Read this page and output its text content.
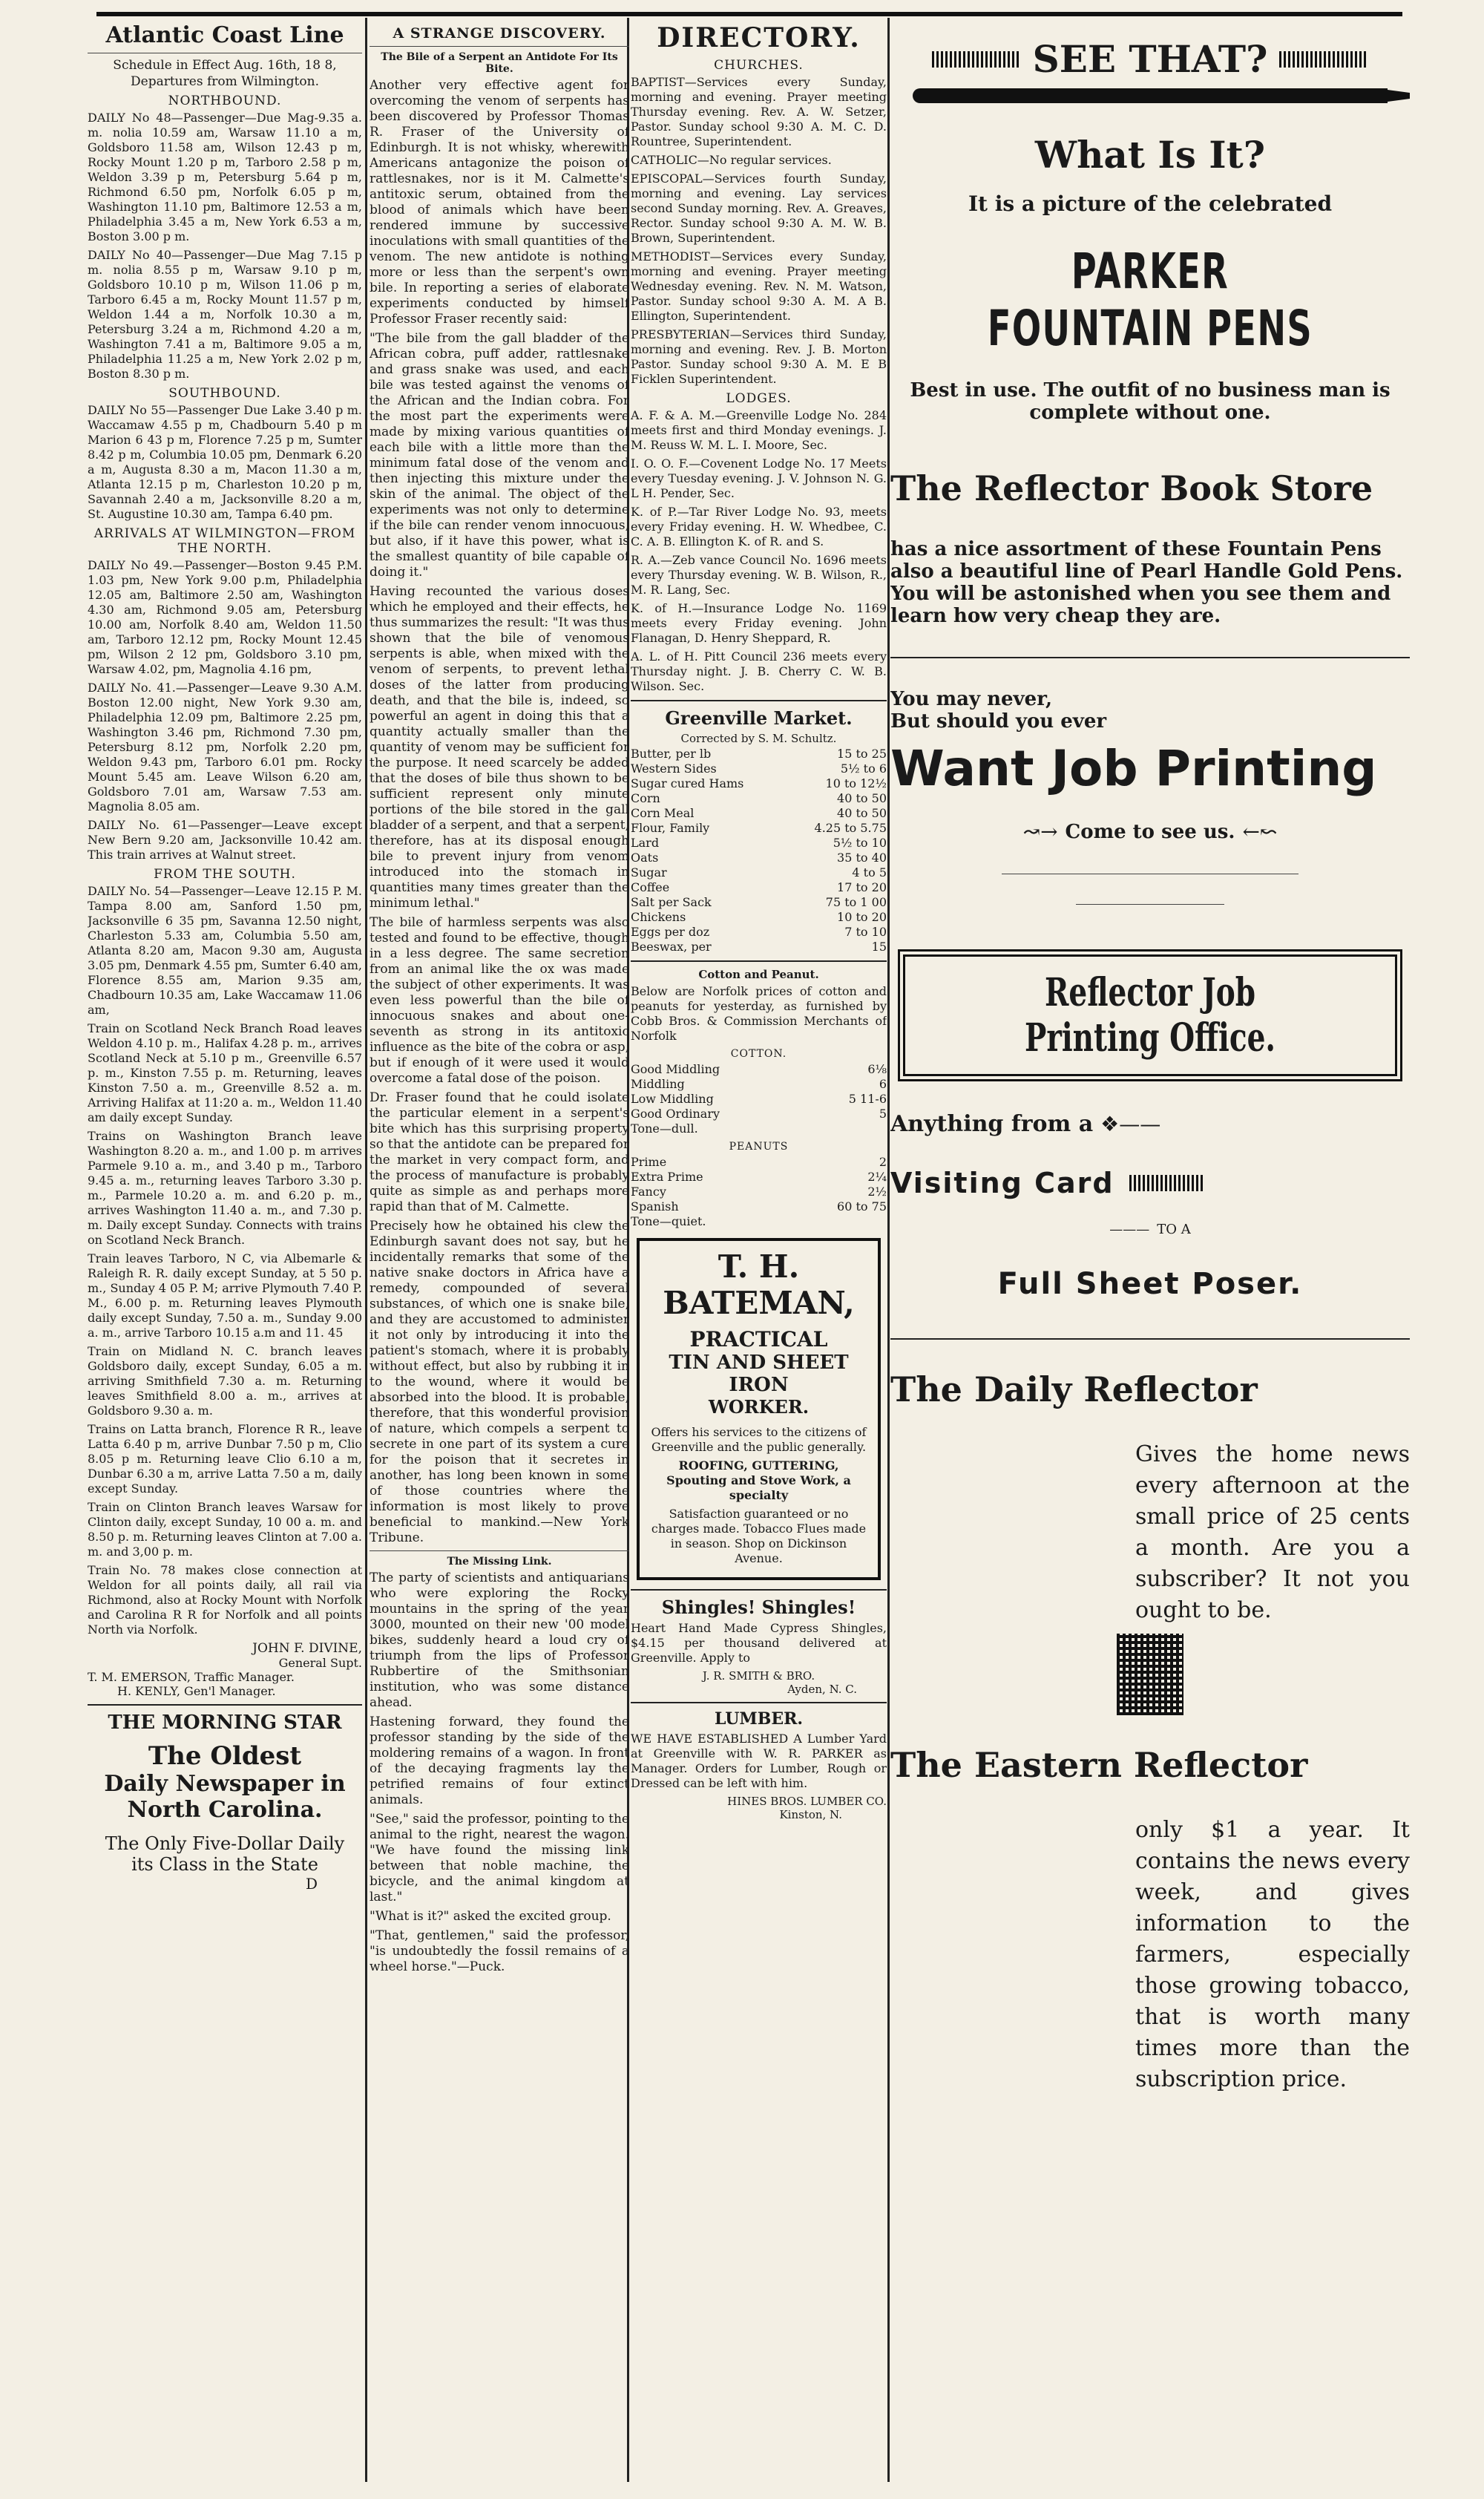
Atlantic Coast Line
Schedule in Effect Aug. 16th, 18 8,
Departures from Wilmington.
NORTHBOUND.

DAILY No 48—Passenger—Due Mag-9.35 a. m. nolia 10.59 am, Warsaw 11.10 a m, Goldsboro 11.58 am, Wilson 12.43 p m, Rocky Mount 1.20 p m, Tarboro 2.58 p m, Weldon 3.39 p m, Petersburg 5.64 p m, Richmond 6.50 pm, Norfolk 6.05 p m, Washington 11.10 pm, Baltimore 12.53 a m, Philadelphia 3.45 a m, New York 6.53 a m, Boston 3.00 p m.

DAILY No 40—Passenger—Due Mag 7.15 p m. nolia 8.55 p m, Warsaw 9.10 p m, Goldsboro 10.10 p m, Wilson 11.06 p m, Tarboro 6.45 a m, Rocky Mount 11.57 p m, Weldon 1.44 a m, Norfolk 10.30 a m, Petersburg 3.24 a m, Richmond 4.20 a m, Washington 7.41 a m, Baltimore 9.05 a m, Philadelphia 11.25 a m, New York 2.02 p m, Boston 8.30 p m.

SOUTHBOUND.

DAILY No 55—Passenger Due Lake 3.40 p m. Waccamaw 4.55 p m, Chadbourn 5.40 p m Marion 6 43 p m, Florence 7.25 p m, Sumter 8.42 p m, Columbia 10.05 pm, Denmark 6.20 a m, Augusta 8.30 a m, Macon 11.30 a m, Atlanta 12.15 p m, Charleston 10.20 p m, Savannah 2.40 a m, Jacksonville 8.20 a m, St. Augustine 10.30 am, Tampa 6.40 pm.

ARRIVALS AT WILMINGTON—FROM THE NORTH.

DAILY No 49.—Passenger—Boston 9.45 P.M. 1.03 pm, New York 9.00 p.m, Philadelphia 12.05 am, Baltimore 2.50 am, Washington 4.30 am, Richmond 9.05 am, Petersburg 10.00 am, Norfolk 8.40 am, Weldon 11.50 am, Tarboro 12.12 pm, Rocky Mount 12.45 pm, Wilson 2 12 pm, Goldsboro 3.10 pm, Warsaw 4.02, pm, Magnolia 4.16 pm,

DAILY No. 41.—Passenger—Leave 9.30 A.M. Boston 12.00 night, New York 9.30 am, Philadelphia 12.09 pm, Baltimore 2.25 pm, Washington 3.46 pm, Richmond 7.30 pm, Petersburg 8.12 pm, Norfolk 2.20 pm, Weldon 9.43 pm, Tarboro 6.01 pm. Rocky Mount 5.45 am. Leave Wilson 6.20 am, Goldsboro 7.01 am, Warsaw 7.53 am. Magnolia 8.05 am.

DAILY No. 61—Passenger—Leave except New Bern 9.20 am, Jacksonville 10.42 am. This train arrives at Walnut street.

FROM THE SOUTH.

DAILY No. 54—Passenger—Leave 12.15 P. M. Tampa 8.00 am, Sanford 1.50 pm, Jacksonville 6 35 pm, Savanna 12.50 night, Charleston 5.33 am, Columbia 5.50 am, Atlanta 8.20 am, Macon 9.30 am, Augusta 3.05 pm, Denmark 4.55 pm, Sumter 6.40 am, Florence 8.55 am, Marion 9.35 am, Chadbourn 10.35 am, Lake Waccamaw 11.06 am,

Train on Scotland Neck Branch Road leaves Weldon 4.10 p. m., Halifax 4.28 p. m., arrives Scotland Neck at 5.10 p m., Greenville 6.57 p. m., Kinston 7.55 p. m. Returning, leaves Kinston 7.50 a. m., Greenville 8.52 a. m. Arriving Halifax at 11:20 a. m., Weldon 11.40 am daily except Sunday.

Trains on Washington Branch leave Washington 8.20 a. m., and 1.00 p. m arrives Parmele 9.10 a. m., and 3.40 p m., Tarboro 9.45 a. m., returning leaves Tarboro 3.30 p. m., Parmele 10.20 a. m. and 6.20 p. m., arrives Washington 11.40 a. m., and 7.30 p. m. Daily except Sunday. Connects with trains on Scotland Neck Branch.

Train leaves Tarboro, N C, via Albemarle & Raleigh R. R. daily except Sunday, at 5 50 p. m., Sunday 4 05 P. M; arrive Plymouth 7.40 P. M., 6.00 p. m. Returning leaves Plymouth daily except Sunday, 7.50 a. m., Sunday 9.00 a. m., arrive Tarboro 10.15 a.m and 11. 45

Train on Midland N. C. branch leaves Goldsboro daily, except Sunday, 6.05 a m. arriving Smithfield 7.30 a. m. Returning leaves Smithfield 8.00 a. m., arrives at Goldsboro 9.30 a. m.

Trains on Latta branch, Florence R R., leave Latta 6.40 p m, arrive Dunbar 7.50 p m, Clio 8.05 p m. Returning leave Clio 6.10 a m, Dunbar 6.30 a m, arrive Latta 7.50 a m, daily except Sunday.

Train on Clinton Branch leaves Warsaw for Clinton daily, except Sunday, 10 00 a. m. and 8.50 p. m. Returning leaves Clinton at 7.00 a. m. and 3,00 p. m.

Train No. 78 makes close connection at Weldon for all points daily, all rail via Richmond, also at Rocky Mount with Norfolk and Carolina R R for Norfolk and all points North via Norfolk.

JOHN F. DIVINE,
General Supt.
T. M. EMERSON, Traffic Manager.
H. KENLY, Gen'l Manager.
THE MORNING STAR
The Oldest
Daily Newspaper in
North Carolina.
The Only Five-Dollar Daily
its Class in the State
D
A STRANGE DISCOVERY.
The Bile of a Serpent an Antidote For Its Bite.

Another very effective agent for overcoming the venom of serpents has been discovered by Professor Thomas R. Fraser of the University of Edinburgh. It is not whisky, wherewith Americans antagonize the poison of rattlesnakes, nor is it M. Calmette's antitoxic serum, obtained from the blood of animals which have been rendered immune by successive inoculations with small quantities of the venom. The new antidote is nothing more or less than the serpent's own bile. In reporting a series of elaborate experiments conducted by himself Professor Fraser recently said:

"The bile from the gall bladder of the African cobra, puff adder, rattlesnake and grass snake was used, and each bile was tested against the venoms of the African and the Indian cobra. For the most part the experiments were made by mixing various quantities of each bile with a little more than the minimum fatal dose of the venom and then injecting this mixture under the skin of the animal. The object of the experiments was not only to determine if the bile can render venom innocuous, but also, if it have this power, what is the smallest quantity of bile capable of doing it."

Having recounted the various doses which he employed and their effects, he thus summarizes the result: "It was thus shown that the bile of venomous serpents is able, when mixed with the venom of serpents, to prevent lethal doses of the latter from producing death, and that the bile is, indeed, so powerful an agent in doing this that a quantity actually smaller than the quantity of venom may be sufficient for the purpose. It need scarcely be added that the doses of bile thus shown to be sufficient represent only minute portions of the bile stored in the gall bladder of a serpent, and that a serpent, therefore, has at its disposal enough bile to prevent injury from venom introduced into the stomach in quantities many times greater than the minimum lethal."

The bile of harmless serpents was also tested and found to be effective, though in a less degree. The same secretion from an animal like the ox was made the subject of other experiments. It was even less powerful than the bile of innocuous snakes and about one-seventh as strong in its antitoxic influence as the bite of the cobra or asp, but if enough of it were used it would overcome a fatal dose of the poison.

Dr. Fraser found that he could isolate the particular element in a serpent's bite which has this surprising property so that the antidote can be prepared for the market in very compact form, and the process of manufacture is probably quite as simple as and perhaps more rapid than that of M. Calmette.

Precisely how he obtained his clew the Edinburgh savant does not say, but he incidentally remarks that some of the native snake doctors in Africa have a remedy, compounded of several substances, of which one is snake bile, and they are accustomed to administer it not only by introducing it into the patient's stomach, where it is probably without effect, but also by rubbing it in to the wound, where it would be absorbed into the blood. It is probable, therefore, that this wonderful provision of nature, which compels a serpent to secrete in one part of its system a cure for the poison that it secretes in another, has long been known in some of those countries where the information is most likely to prove beneficial to mankind.—New York Tribune.

The Missing Link.

The party of scientists and antiquarians who were exploring the Rocky mountains in the spring of the year 3000, mounted on their new '00 model bikes, suddenly heard a loud cry of triumph from the lips of Professor Rubbertire of the Smithsonian institution, who was some distance ahead.

Hastening forward, they found the professor standing by the side of the moldering remains of a wagon. In front of the decaying fragments lay the petrified remains of four extinct animals.

"See," said the professor, pointing to the animal to the right, nearest the wagon. "We have found the missing link between that noble machine, the bicycle, and the animal kingdom at last."

"What is it?" asked the excited group.

"That, gentlemen," said the professor, "is undoubtedly the fossil remains of a wheel horse."—Puck.

DIRECTORY.
CHURCHES.

BAPTIST—Services every Sunday, morning and evening. Prayer meeting Thursday evening. Rev. A. W. Setzer, Pastor. Sunday school 9:30 A. M. C. D. Rountree, Superintendent.

CATHOLIC—No regular services.

EPISCOPAL—Services fourth Sunday, morning and evening. Lay services second Sunday morning. Rev. A. Greaves, Rector. Sunday school 9:30 A. M. W. B. Brown, Superintendent.

METHODIST—Services every Sunday, morning and evening. Prayer meeting Wednesday evening. Rev. N. M. Watson, Pastor. Sunday school 9:30 A. M. A B. Ellington, Superintendent.

PRESBYTERIAN—Services third Sunday, morning and evening. Rev. J. B. Morton Pastor. Sunday school 9:30 A. M. E B Ficklen Superintendent.

LODGES.

A. F. & A. M.—Greenville Lodge No. 284 meets first and third Monday evenings. J. M. Reuss W. M. L. I. Moore, Sec.

I. O. O. F.—Covenent Lodge No. 17 Meets every Tuesday evening. J. V. Johnson N. G. L H. Pender, Sec.

K. of P.—Tar River Lodge No. 93, meets every Friday evening. H. W. Whedbee, C. C. A. B. Ellington K. of R. and S.

R. A.—Zeb vance Council No. 1696 meets every Thursday evening. W. B. Wilson, R., M. R. Lang, Sec.

K. of H.—Insurance Lodge No. 1169 meets every Friday evening. John Flanagan, D. Henry Sheppard, R.

A. L. of H. Pitt Council 236 meets every Thursday night. J. B. Cherry C. W. B. Wilson. Sec.

Greenville Market.
Corrected by S. M. Schultz.
Butter, per lb	15 to 25
Western Sides	5½ to 6
Sugar cured Hams	10 to 12½
Corn	40 to 50
Corn Meal	40 to 50
Flour, Family	4.25 to 5.75
Lard	5½ to 10
Oats	35 to 40
Sugar	4 to 5
Coffee	17 to 20
Salt per Sack	75 to 1 00
Chickens	10 to 20
Eggs per doz	7 to 10
Beeswax, per	15
Cotton and Peanut.

Below are Norfolk prices of cotton and peanuts for yesterday, as furnished by Cobb Bros. & Commission Merchants of Norfolk

COTTON.
Good Middling	6⅛
Middling	6
Low Middling	5 11-6
Good Ordinary	5
Tone—dull.
PEANUTS
Prime	2
Extra Prime	2¼
Fancy	2½
Spanish	60 to 75
Tone—quiet.
T. H. BATEMAN,
PRACTICAL
TIN AND SHEET IRON
WORKER.

Offers his services to the citizens of Greenville and the public generally.

ROOFING, GUTTERING, Spouting and Stove Work, a specialty

Satisfaction guaranteed or no charges made. Tobacco Flues made in season. Shop on Dickinson Avenue.

Shingles! Shingles!

Heart Hand Made Cypress Shingles, $4.15 per thousand delivered at Greenville. Apply to

J. R. SMITH & BRO.
Ayden, N. C.
LUMBER.

WE HAVE ESTABLISHED A Lumber Yard at Greenville with W. R. PARKER as Manager. Orders for Lumber, Rough or Dressed can be left with him.

HINES BROS. LUMBER CO.
Kinston, N.
SEE THAT?
What Is It?
It is a picture of the celebrated
PARKER FOUNTAIN PENS
Best in use. The outfit of no business man is complete without one.
The Reflector Book Store
has a nice assortment of these Fountain Pens also a beautiful line of Pearl Handle Gold Pens. You will be astonished when you see them and learn how very cheap they are.
You may never,
But should you ever
Want Job Printing
↝→ Come to see us. ←↜
Reflector Job Printing Office.
Anything from a ❖——
Visiting Card
——— TO A
Full Sheet Poser.
The Daily Reflector
Gives the home news every afternoon at the small price of 25 cents a month. Are you a subscriber? It not you ought to be.
The Eastern Reflector
only $1 a year. It contains the news every week, and gives information to the farmers, especially those growing tobacco, that is worth many times more than the subscription price.
